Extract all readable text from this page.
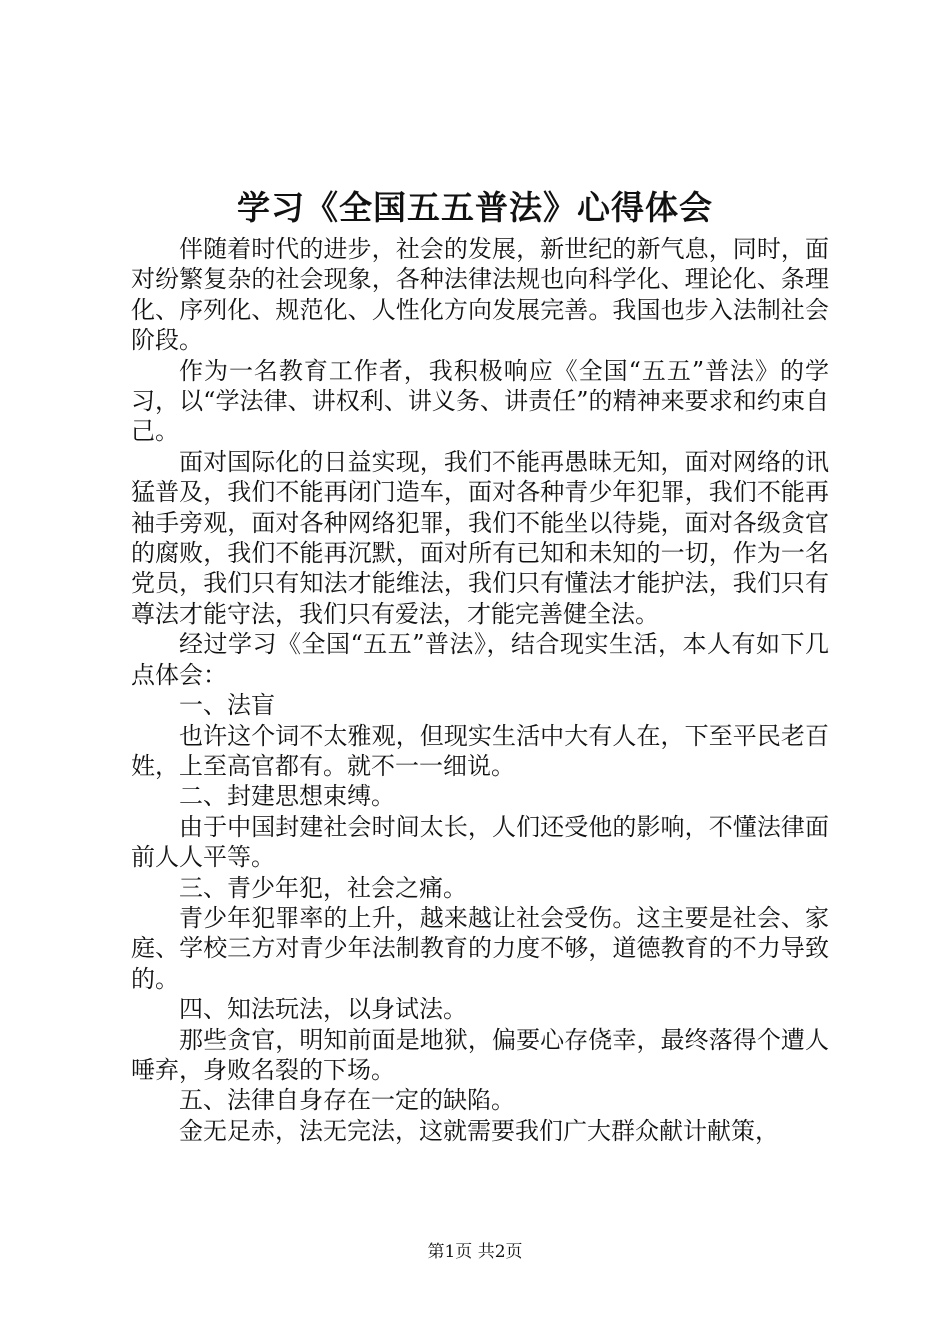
学习《全国五五普法》心得体会

伴随着时代的进步，社会的发展，新世纪的新气息，同时，面对纷繁复杂的社会现象，各种法律法规也向科学化、理论化、条理化、序列化、规范化、人性化方向发展完善。我国也步入法制社会阶段。

作为一名教育工作者，我积极响应《全国“五五”普法》的学习，以“学法律、讲权利、讲义务、讲责任”的精神来要求和约束自己。

面对国际化的日益实现，我们不能再愚昧无知，面对网络的讯猛普及，我们不能再闭门造车，面对各种青少年犯罪，我们不能再袖手旁观，面对各种网络犯罪，我们不能坐以待毙，面对各级贪官的腐败，我们不能再沉默，面对所有已知和未知的一切，作为一名党员，我们只有知法才能维法，我们只有懂法才能护法，我们只有尊法才能守法，我们只有爱法，才能完善健全法。

经过学习《全国“五五”普法》，结合现实生活，本人有如下几点体会：

一、法盲

也许这个词不太雅观，但现实生活中大有人在，下至平民老百姓，上至高官都有。就不一一细说。

二、封建思想束缚。

由于中国封建社会时间太长，人们还受他的影响，不懂法律面前人人平等。

三、青少年犯，社会之痛。

青少年犯罪率的上升，越来越让社会受伤。这主要是社会、家庭、学校三方对青少年法制教育的力度不够，道德教育的不力导致的。

四、知法玩法，以身试法。

那些贪官，明知前面是地狱，偏要心存侥幸，最终落得个遭人唾弃，身败名裂的下场。

五、法律自身存在一定的缺陷。

金无足赤，法无完法，这就需要我们广大群众献计献策，

第1页 共2页
